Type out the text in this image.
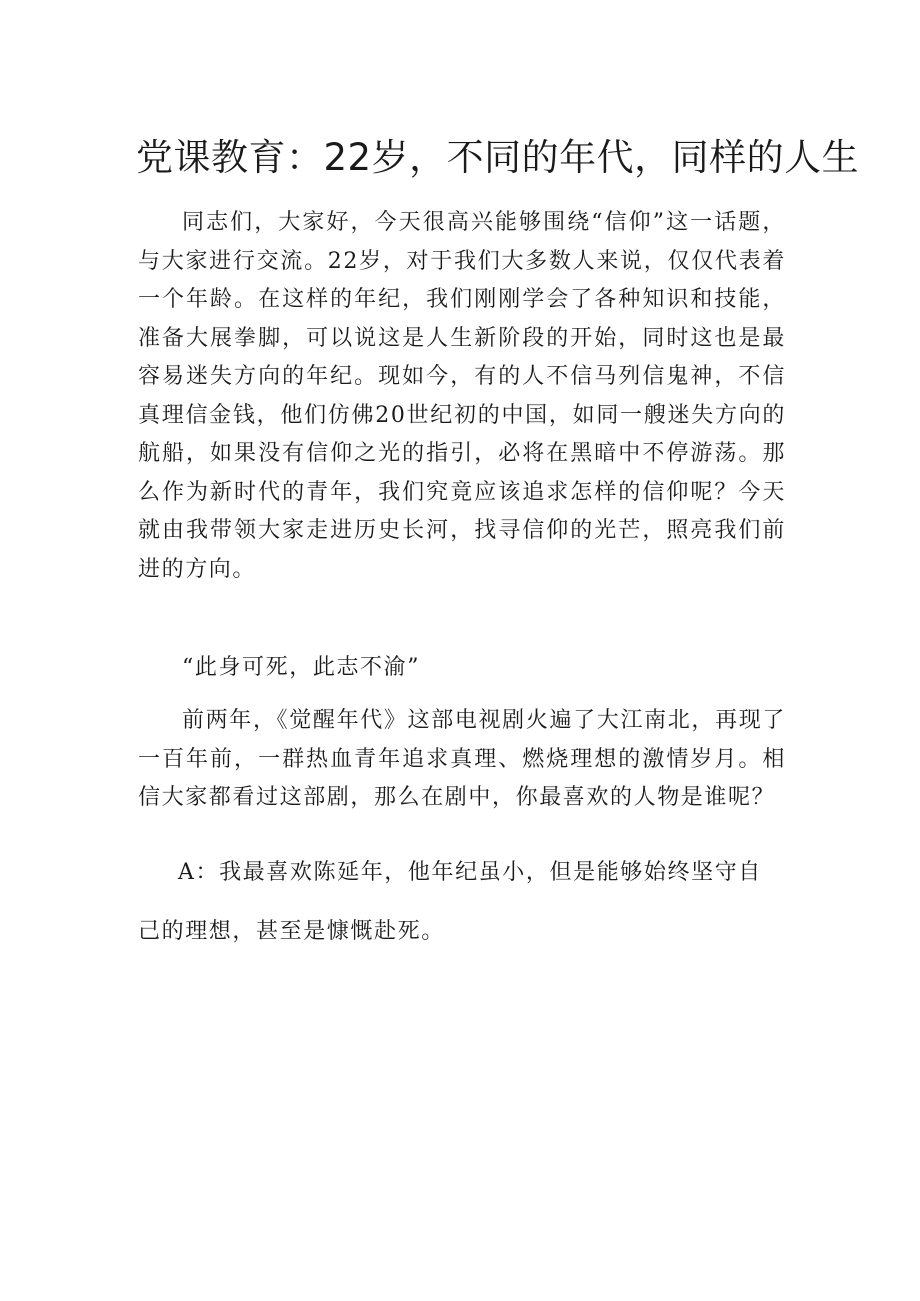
党课教育：22岁，不同的年代，同样的人生

同志们，大家好，今天很高兴能够围绕“信仰”这一话题，与大家进行交流。22岁，对于我们大多数人来说，仅仅代表着一个年龄。在这样的年纪，我们刚刚学会了各种知识和技能，准备大展拳脚，可以说这是人生新阶段的开始，同时这也是最容易迷失方向的年纪。现如今，有的人不信马列信鬼神，不信真理信金钱，他们仿佛20世纪初的中国，如同一艘迷失方向的航船，如果没有信仰之光的指引，必将在黑暗中不停游荡。那么作为新时代的青年，我们究竟应该追求怎样的信仰呢？今天就由我带领大家走进历史长河，找寻信仰的光芒，照亮我们前进的方向。

“此身可死，此志不渝”

前两年，《觉醒年代》这部电视剧火遍了大江南北，再现了一百年前，一群热血青年追求真理、燃烧理想的激情岁月。相信大家都看过这部剧，那么在剧中，你最喜欢的人物是谁呢？

A：我最喜欢陈延年，他年纪虽小，但是能够始终坚守自

己的理想，甚至是慷慨赴死。
